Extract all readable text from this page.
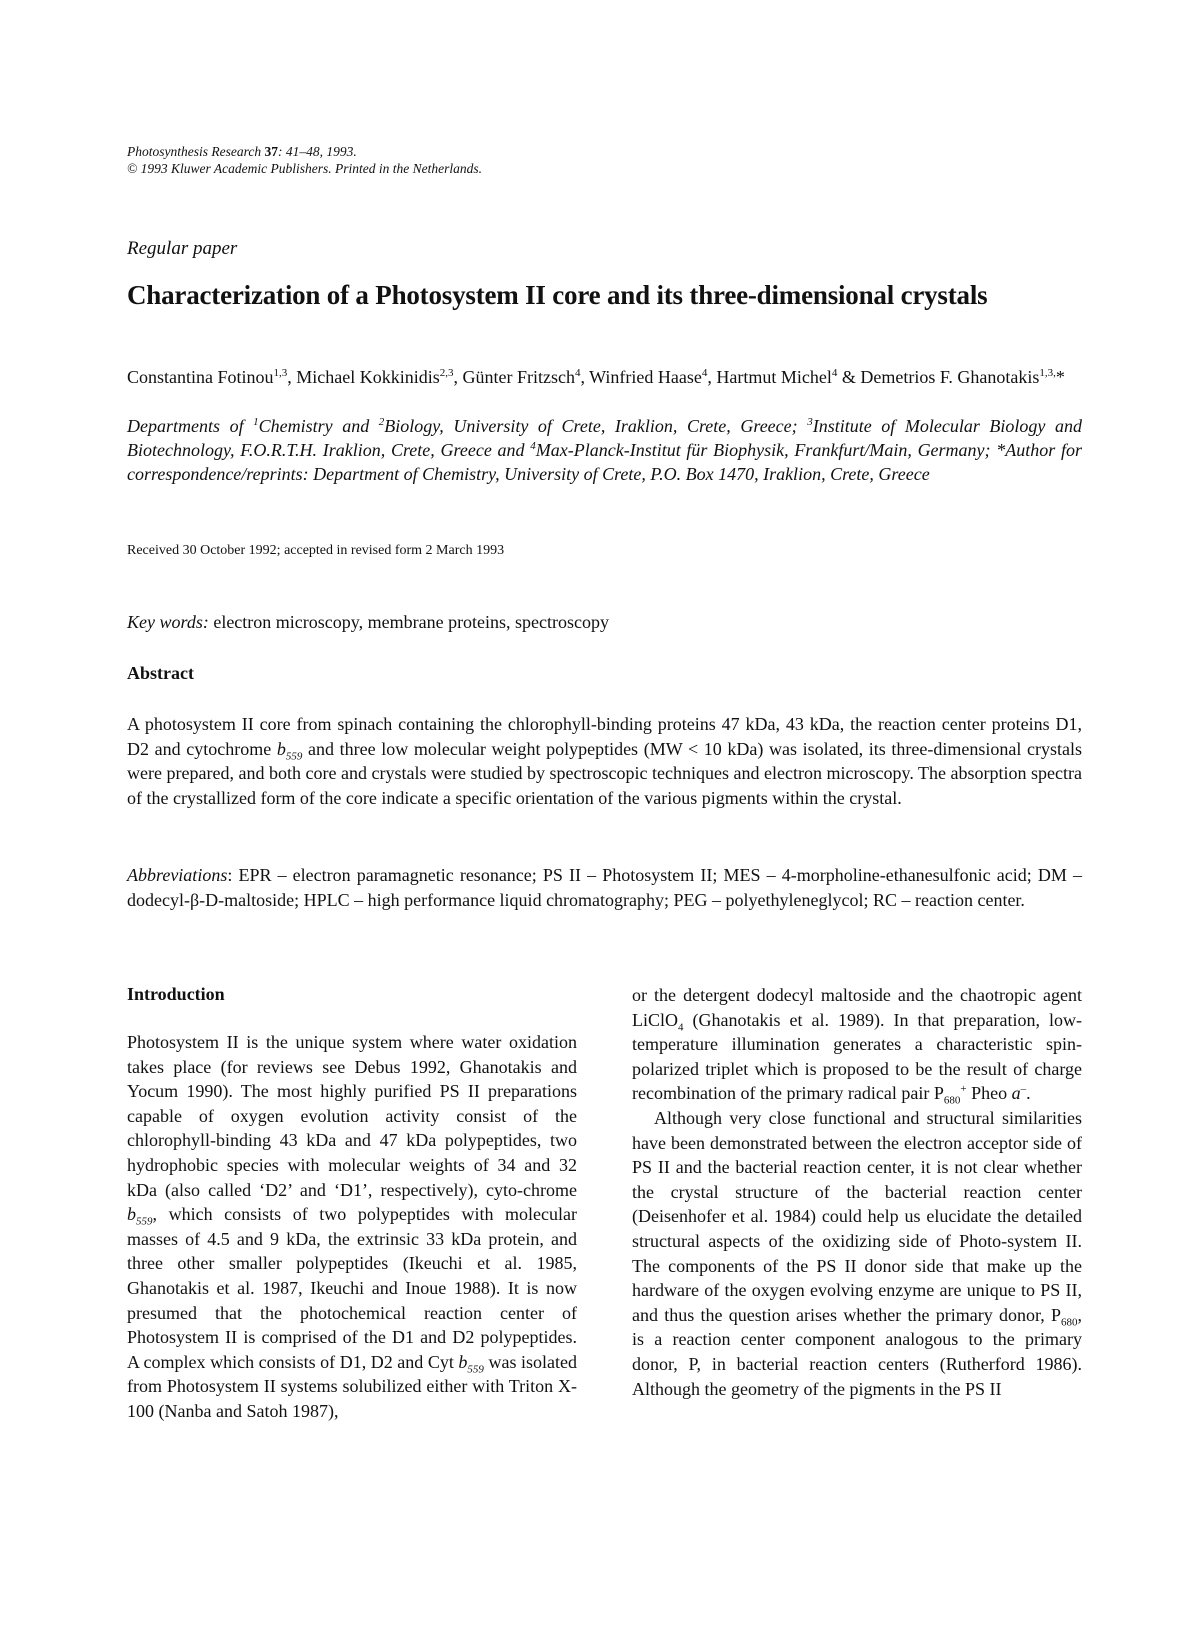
Photosynthesis Research 37: 41–48, 1993.
© 1993 Kluwer Academic Publishers. Printed in the Netherlands.
Regular paper
Characterization of a Photosystem II core and its three-dimensional crystals
Constantina Fotinou$^{1,3}$, Michael Kokkinidis$^{2,3}$, Günter Fritzsch$^4$, Winfried Haase$^4$, Hartmut Michel$^4$ & Demetrios F. Ghanotakis$^{1,3,}$*
Departments of $^1$Chemistry and $^2$Biology, University of Crete, Iraklion, Crete, Greece; $^3$Institute of Molecular Biology and Biotechnology, F.O.R.T.H. Iraklion, Crete, Greece and $^4$Max-Planck-Institut für Biophysik, Frankfurt/Main, Germany; *Author for correspondence/reprints: Department of Chemistry, University of Crete, P.O. Box 1470, Iraklion, Crete, Greece
Received 30 October 1992; accepted in revised form 2 March 1993
Key words: electron microscopy, membrane proteins, spectroscopy
Abstract

A photosystem II core from spinach containing the chlorophyll-binding proteins 47 kDa, 43 kDa, the reaction center proteins D1, D2 and cytochrome $b_{559}$ and three low molecular weight polypeptides (MW < 10 kDa) was isolated, its three-dimensional crystals were prepared, and both core and crystals were studied by spectroscopic techniques and electron microscopy. The absorption spectra of the crystallized form of the core indicate a specific orientation of the various pigments within the crystal.

Abbreviations: EPR – electron paramagnetic resonance; PS II – Photosystem II; MES – 4-morpholine-ethanesulfonic acid; DM – dodecyl-β-D-maltoside; HPLC – high performance liquid chromatography; PEG – polyethyleneglycol; RC – reaction center.

Introduction

Photosystem II is the unique system where water oxidation takes place (for reviews see Debus 1992, Ghanotakis and Yocum 1990). The most highly purified PS II preparations capable of oxygen evolution activity consist of the chlorophyll-binding 43 kDa and 47 kDa polypeptides, two hydrophobic species with molecular weights of 34 and 32 kDa (also called ‘D2’ and ‘D1’, respectively), cyto-chrome $b_{559}$, which consists of two polypeptides with molecular masses of 4.5 and 9 kDa, the extrinsic 33 kDa protein, and three other smaller polypeptides (Ikeuchi et al. 1985, Ghanotakis et al. 1987, Ikeuchi and Inoue 1988). It is now presumed that the photochemical reaction center of Photosystem II is comprised of the D1 and D2 polypeptides. A complex which consists of D1, D2 and Cyt $b_{559}$ was isolated from Photosystem II systems solubilized either with Triton X-100 (Nanba and Satoh 1987),

or the detergent dodecyl maltoside and the chaotropic agent LiClO$_4$ (Ghanotakis et al. 1989). In that preparation, low-temperature illumination generates a characteristic spin-polarized triplet which is proposed to be the result of charge recombination of the primary radical pair $P_{680}^+$ Pheo a–.

Although very close functional and structural similarities have been demonstrated between the electron acceptor side of PS II and the bacterial reaction center, it is not clear whether the crystal structure of the bacterial reaction center (Deisenhofer et al. 1984) could help us elucidate the detailed structural aspects of the oxidizing side of Photo-system II. The components of the PS II donor side that make up the hardware of the oxygen evolving enzyme are unique to PS II, and thus the question arises whether the primary donor, $P_{680}$, is a reaction center component analogous to the primary donor, P, in bacterial reaction centers (Rutherford 1986). Although the geometry of the pigments in the PS II
